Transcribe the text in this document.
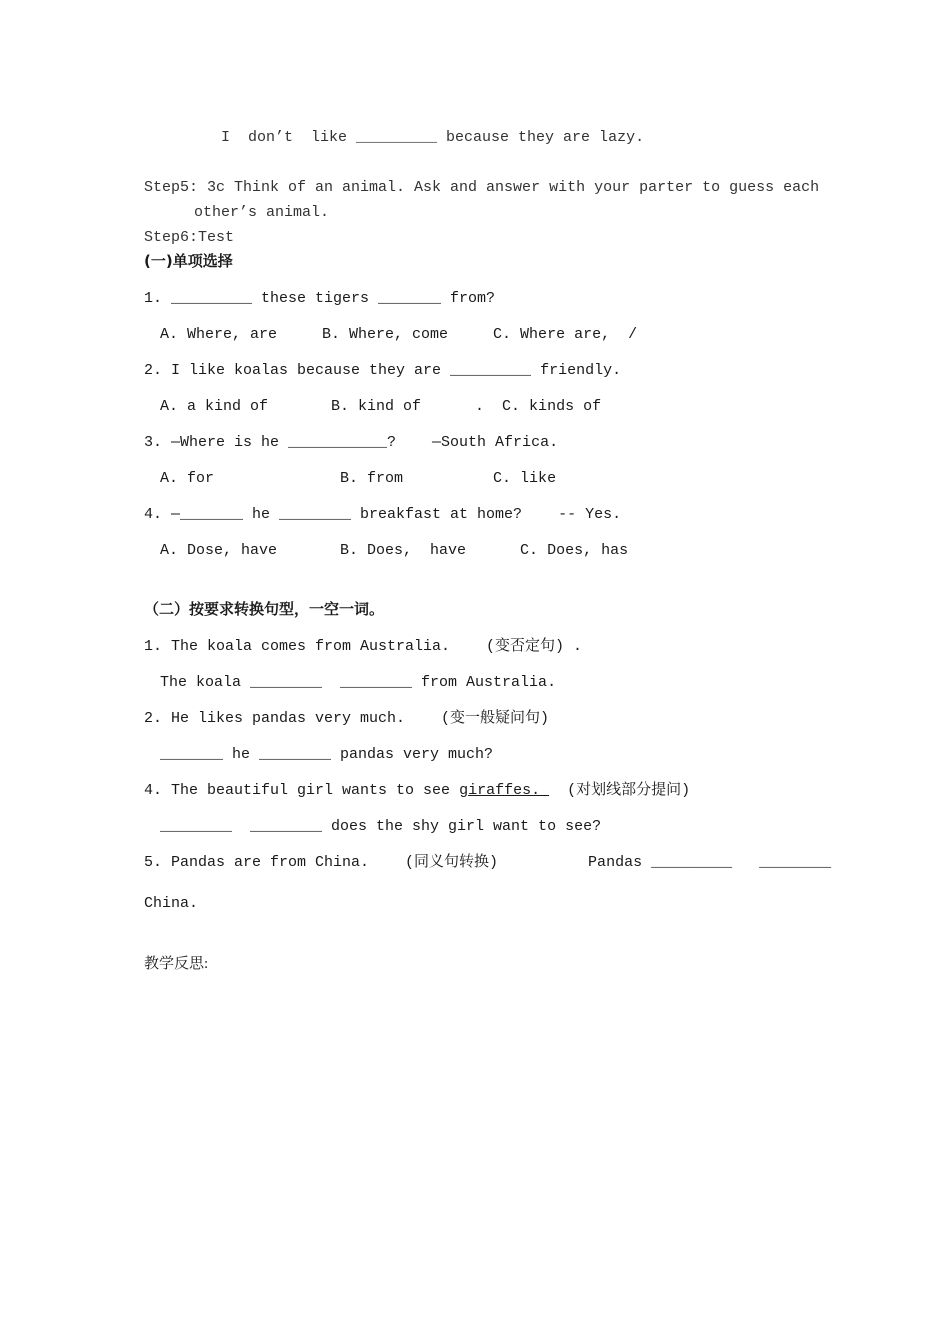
I  don’t  like _________ because they are lazy.
Step5: 3c Think of an animal. Ask and answer with your parter to guess each
other’s animal.
Step6:Test
(一)单项选择
1. _________ these tigers _______ from?
A. Where, are     B. Where, come     C. Where are,  /
2. I like koalas because they are _________ friendly.
A. a kind of       B. kind of      .  C. kinds of
3. —Where is he ___________?    —South Africa.
A. for              B. from          C. like
4. —_______ he ________ breakfast at home?    -- Yes.
A. Dose, have       B. Does,  have      C. Does, has
（二）按要求转换句型，一空一词。
1. The koala comes from Australia.    (变否定句) .
The koala ________  ________ from Australia.
2. He likes pandas very much.    (变一般疑问句)
_______ he ________ pandas very much?
4. The beautiful girl wants to see giraffes.   (对划线部分提问)
________  ________ does the shy girl want to see?
5. Pandas are from China.    (同义句转换)          Pandas _________   ________
China.
教学反思:
